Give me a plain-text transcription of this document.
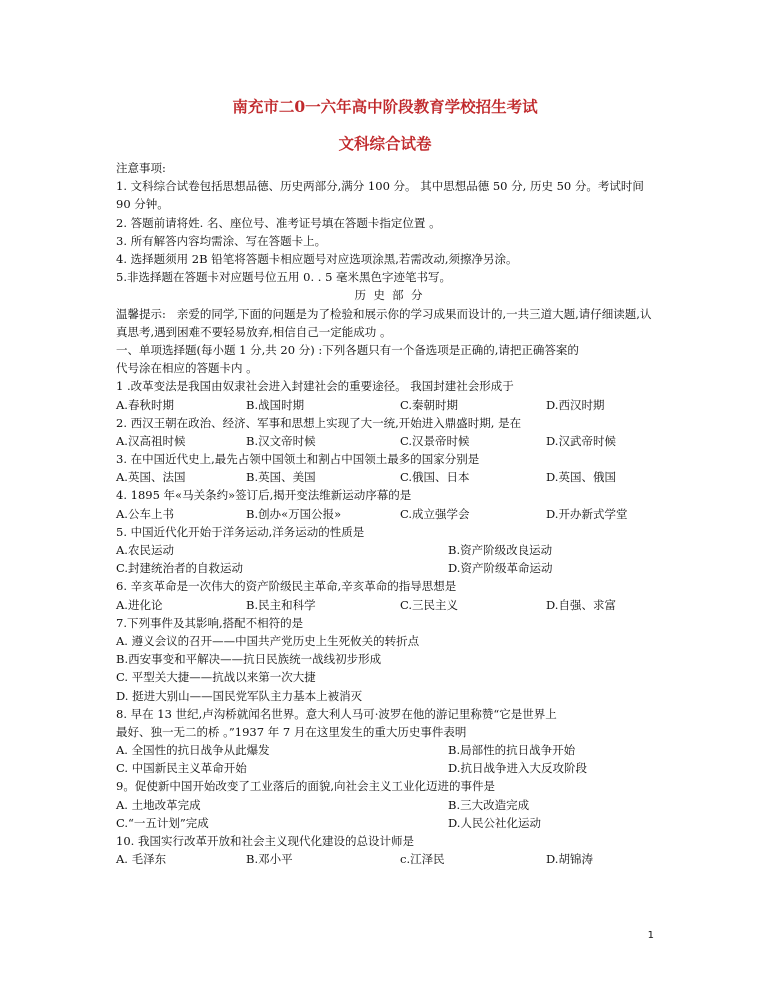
南充市二0一六年高中阶段教育学校招生考试
文科综合试卷
注意事项:
1. 文科综合试卷包括思想品德、历史两部分,满分 100 分。 其中思想品德 50 分, 历史 50 分。考试时间 90 分钟。
2. 答题前请将姓. 名、座位号、准考证号填在答题卡指定位置 。
3. 所有解答内容均需涂、写在答题卡上。
4. 选择题须用 2B 铅笔将答题卡相应题号对应选项涂黑,若需改动,须擦净另涂。
5.非选择题在答题卡对应题号位五用 0. . 5 毫米黑色字迹笔书写。
历  史  部  分
温馨提示:   亲爱的同学,下面的问题是为了检验和展示你的学习成果而设计的,一共三道大题,请仔细读题,认真思考,遇到困难不要轻易放弃,相信自己一定能成功 。
一、单项选择题(每小题 1 分,共 20 分) :下列各题只有一个备选项是正确的,请把正确答案的
代号涂在相应的答题卡内 。
1 .改革变法是我国由奴隶社会进入封建社会的重要途径。 我国封建社会形成于
A.春秋时期	B.战国时期	C.秦朝时期	D.西汉时期
2. 西汉王朝在政治、经济、军事和思想上实现了大一统,开始进入鼎盛时期, 是在
A.汉高祖时候	B.汉文帝时候	C.汉景帝时候	D.汉武帝时候
3. 在中国近代史上,最先占领中国领土和割占中国领土最多的国家分别是
A.英国、法国	B.英国、美国	C.俄国、日本	D.英国、俄国
4. 1895 年«马关条约»签订后,揭开变法维新运动序幕的是
A.公车上书	B.创办«万国公报»	C.成立强学会	D.开办新式学堂
5. 中国近代化开始于洋务运动,洋务运动的性质是
A.农民运动	B.资产阶级改良运动
C.封建统治者的自救运动	D.资产阶级革命运动
6. 辛亥革命是一次伟大的资产阶级民主革命,辛亥革命的指导思想是
A.进化论	B.民主和科学	C.三民主义	D.自强、求富
7.下列事件及其影响,搭配不相符的是
A. 遵义会议的召开——中国共产党历史上生死攸关的转折点
B.西安事变和平解决——抗日民族统一战线初步形成
C. 平型关大捷——抗战以来第一次大捷
D. 挺进大别山——国民党军队主力基本上被消灭
8. 早在 13 世纪,卢沟桥就闻名世界。意大利人马可·波罗在他的游记里称赞“它是世界上
最好、独一无二的桥 。”1937 年 7 月在这里发生的重大历史事件表明
A. 全国性的抗日战争从此爆发	B.局部性的抗日战争开始
C. 中国新民主义革命开始	D.抗日战争进入大反攻阶段
9。促使新中国开始改变了工业落后的面貌,向社会主义工业化迈进的事件是
A. 土地改革完成	B.三大改造完成
C.“一五计划”完成	D.人民公社化运动
10. 我国实行改革开放和社会主义现代化建设的总设计师是
A. 毛泽东	B.邓小平	c.江泽民	D.胡锦涛
1
